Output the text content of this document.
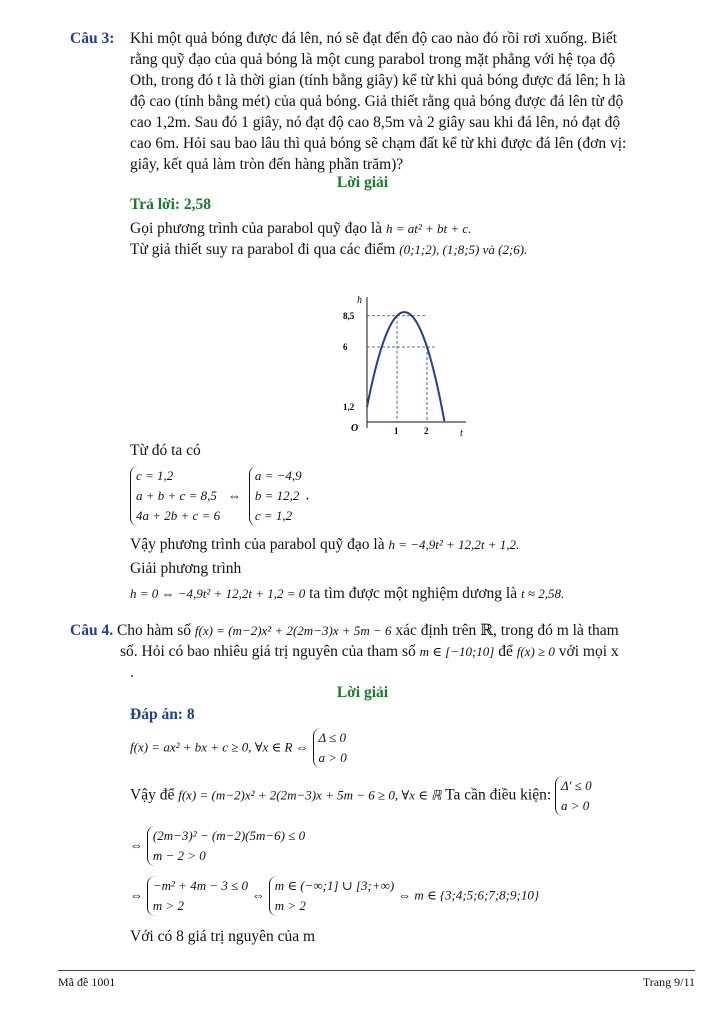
Câu 3: Khi một quả bóng được đá lên, nó sẽ đạt đến độ cao nào đó rồi rơi xuống. Biết
rằng quỹ đạo của quả bóng là một cung parabol trong mặt phẳng với hệ tọa độ
Oth, trong đó t là thời gian (tính bằng giây) kể từ khi quả bóng được đá lên; h là
độ cao (tính bằng mét) của quả bóng. Giả thiết rằng quả bóng được đá lên từ độ
cao 1,2m. Sau đó 1 giây, nó đạt độ cao 8,5m và 2 giây sau khi đá lên, nó đạt độ
cao 6m. Hỏi sau bao lâu thì quả bóng sẽ chạm đất kể từ khi được đá lên (đơn vị:
giây, kết quả làm tròn đến hàng phần trăm)?
Lời giải
Trả lời: 2,58
Gọi phương trình của parabol quỹ đạo là h = at² + bt + c.
Từ giả thiết suy ra parabol đi qua các điểm (0;1;2), (1;8;5) và (2;6).
t
h
O	1	2
1,2
6
8,5
Từ đó ta có
c = 1,2
a + b + c = 8,5
4a + 2b + c = 6
⇔
a = −4,9
b = 12,2
c = 1,2
.
Vậy phương trình của parabol quỹ đạo là h = −4,9t² + 12,2t + 1,2.
Giải phương trình
h = 0 ⇔ −4,9t² + 12,2t + 1,2 = 0 ta tìm được một nghiệm dương là t ≈ 2,58.
Câu 4. Cho hàm số f(x) = (m−2)x² + 2(2m−3)x + 5m − 6 xác định trên ℝ, trong đó m là tham
số. Hỏi có bao nhiêu giá trị nguyên của tham số m ∈ [−10;10] để f(x) ≥ 0 với mọi x
.
Lời giải
Đáp án: 8
f(x) = ax² + bx + c ≥ 0, ∀x ∈ R ⇔
Δ ≤ 0
a > 0
Vậy để f(x) = (m−2)x² + 2(2m−3)x + 5m − 6 ≥ 0, ∀x ∈ ℝ Ta cần điều kiện:
Δ' ≤ 0
a > 0
⇔
(2m−3)² − (m−2)(5m−6) ≤ 0
m − 2 > 0
⇔
−m² + 4m − 3 ≤ 0
m > 2
⇔
m ∈ (−∞;1] ∪ [3;+∞)
m > 2
⇔ m ∈ {3;4;5;6;7;8;9;10}
Với có 8 giá trị nguyên của m
Mã đề 1001	Trang 9/11
